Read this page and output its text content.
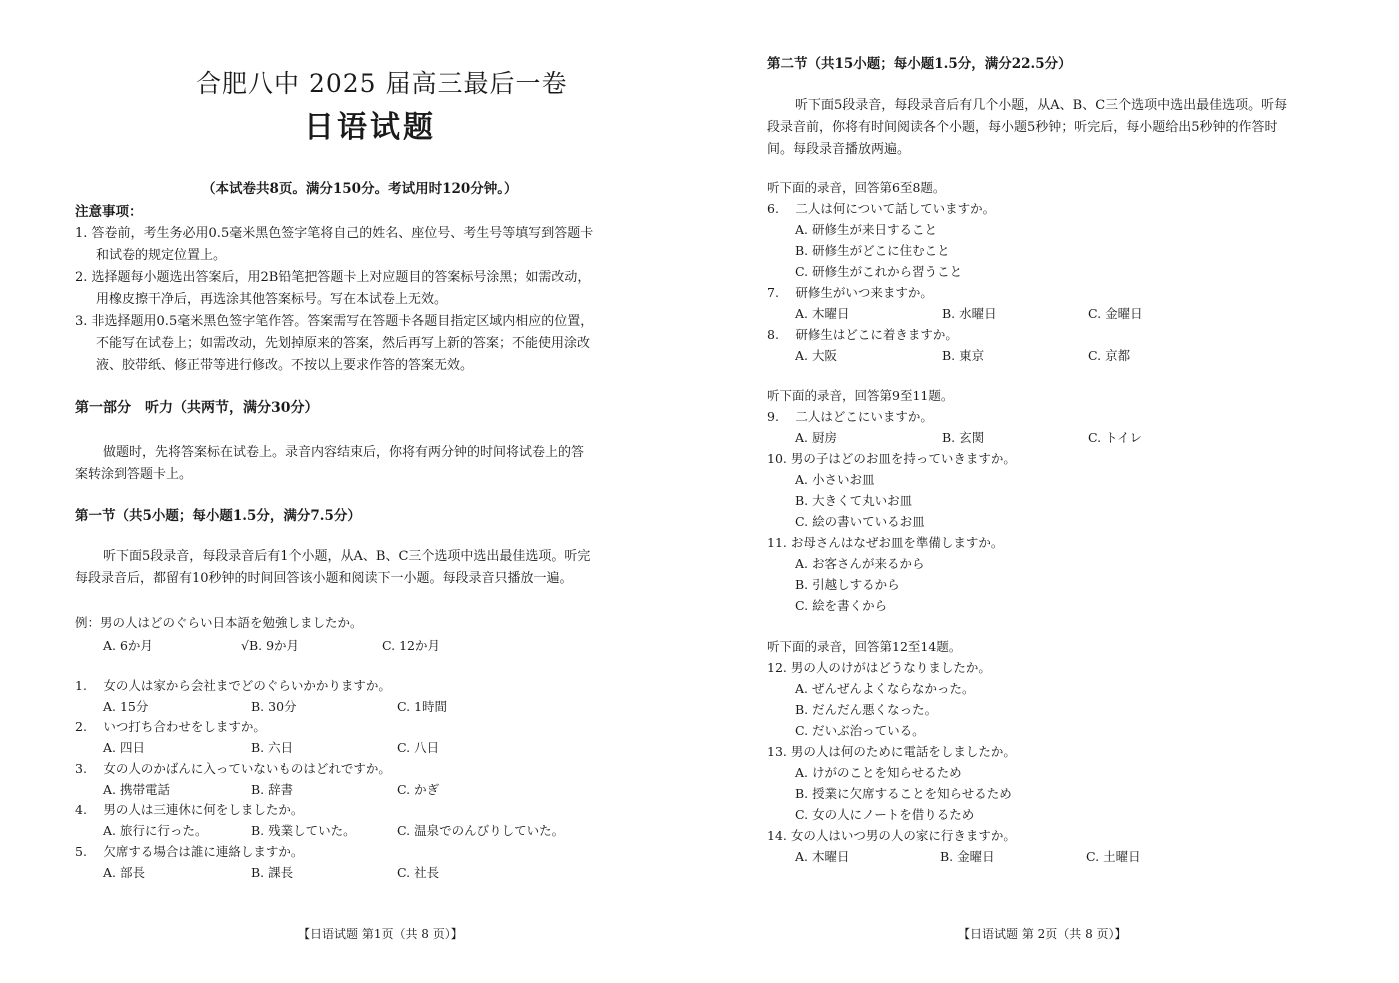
合肥八中 2025 届高三最后一卷
日语试题
（本试卷共8页。满分150分。考试用时120分钟。）
注意事项：
1. 答卷前，考生务必用0.5毫米黑色签字笔将自己的姓名、座位号、考生号等填写到答题卡
和试卷的规定位置上。
2. 选择题每小题选出答案后，用2B铅笔把答题卡上对应题目的答案标号涂黑；如需改动，
用橡皮擦干净后，再选涂其他答案标号。写在本试卷上无效。
3. 非选择题用0.5毫米黑色签字笔作答。答案需写在答题卡各题目指定区域内相应的位置，
不能写在试卷上；如需改动，先划掉原来的答案，然后再写上新的答案；不能使用涂改
液、胶带纸、修正带等进行修改。不按以上要求作答的答案无效。
第一部分　听力（共两节，满分30分）
做题时，先将答案标在试卷上。录音内容结束后，你将有两分钟的时间将试卷上的答
案转涂到答题卡上。
第一节（共5小题；每小题1.5分，满分7.5分）
听下面5段录音，每段录音后有1个小题，从A、B、C三个选项中选出最佳选项。听完
每段录音后，都留有10秒钟的时间回答该小题和阅读下一小题。每段录音只播放一遍。
例：男の人はどのぐらい日本語を勉強しましたか。
A. 6か月	√B. 9か月	C. 12か月
1.　 女の人は家から会社までどのぐらいかかりますか。
A. 15分	B. 30分	C. 1時間
2.　 いつ打ち合わせをしますか。
A. 四日	B. 六日	C. 八日
3.　 女の人のかばんに入っていないものはどれですか。
A. 携帯電話	B. 辞書	C. かぎ
4.　 男の人は三連休に何をしましたか。
A. 旅行に行った。	B. 残業していた。	C. 温泉でのんびりしていた。
5.　 欠席する場合は誰に連絡しますか。
A. 部長	B. 課長	C. 社長
【日语试题 第1页（共 8 页）】
第二节（共15小题；每小题1.5分，满分22.5分）
听下面5段录音，每段录音后有几个小题，从A、B、C三个选项中选出最佳选项。听每
段录音前，你将有时间阅读各个小题，每小题5秒钟；听完后，每小题给出5秒钟的作答时
间。每段录音播放两遍。
听下面的录音，回答第6至8题。
6.　 二人は何について話していますか。
A. 研修生が来日すること
B. 研修生がどこに住むこと
C. 研修生がこれから習うこと
7.　 研修生がいつ来ますか。
A. 木曜日	B. 水曜日	C. 金曜日
8.　 研修生はどこに着きますか。
A. 大阪	B. 東京	C. 京都
听下面的录音，回答第9至11题。
9.　 二人はどこにいますか。
A. 厨房	B. 玄関	C. トイレ
10. 男の子はどのお皿を持っていきますか。
A. 小さいお皿
B. 大きくて丸いお皿
C. 絵の書いているお皿
11. お母さんはなぜお皿を準備しますか。
A. お客さんが来るから
B. 引越しするから
C. 絵を書くから
听下面的录音，回答第12至14题。
12. 男の人のけがはどうなりましたか。
A. ぜんぜんよくならなかった。
B. だんだん悪くなった。
C. だいぶ治っている。
13. 男の人は何のために電話をしましたか。
A. けがのことを知らせるため
B. 授業に欠席することを知らせるため
C. 女の人にノートを借りるため
14. 女の人はいつ男の人の家に行きますか。
A. 木曜日	B. 金曜日	C. 土曜日
【日语试题 第 2页（共 8 页）】
